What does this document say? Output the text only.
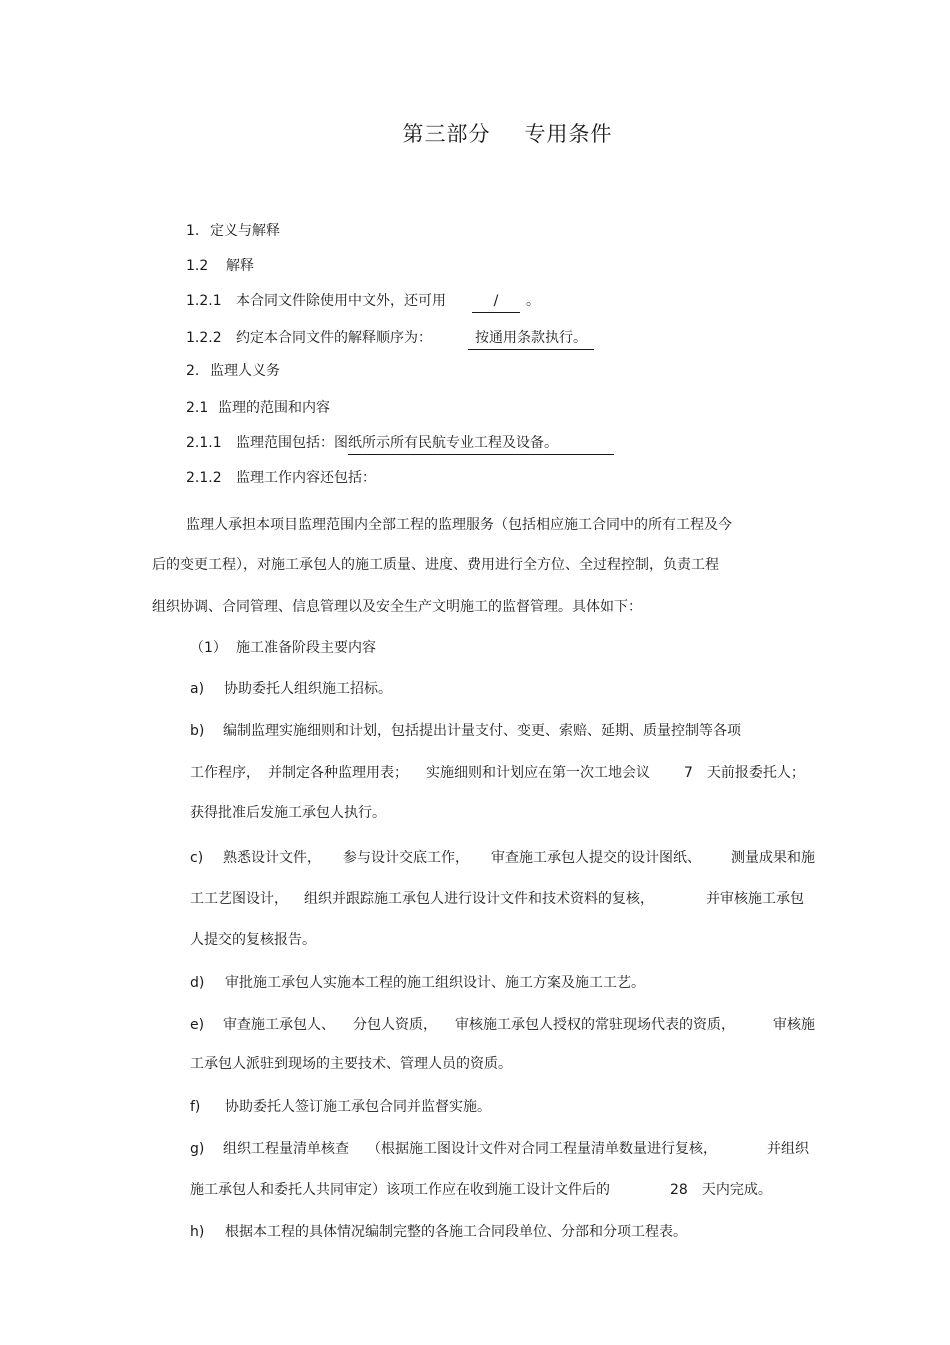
第三部分 专用条件
1. 定义与解释
1.2 解释
1.2.1 本合同文件除使用中文外，还可用	/ 。
1.2.2 约定本合同文件的解释顺序为：	按通用条款执行。
2. 监理人义务
2.1 监理的范围和内容
2.1.1 监理范围包括：图纸所示所有民航专业工程及设备。
2.1.2 监理工作内容还包括：
监理人承担本项目监理范围内全部工程的监理服务（包括相应施工合同中的所有工程及今
后的变更工程），对施工承包人的施工质量、进度、费用进行全方位、全过程控制，负责工程
组织协调、合同管理、信息管理以及安全生产文明施工的监督管理。具体如下：
（1） 施工准备阶段主要内容
a) 协助委托人组织施工招标。
b) 编制监理实施细则和计划，包括提出计量支付、变更、索赔、延期、质量控制等各项
工作程序， 并制定各种监理用表； 实施细则和计划应在第一次工地会议 7 天前报委托人；
获得批准后发施工承包人执行。
c) 熟悉设计文件， 参与设计交底工作， 审查施工承包人提交的设计图纸、 测量成果和施
工工艺图设计， 组织并跟踪施工承包人进行设计文件和技术资料的复核，	并审核施工承包
人提交的复核报告。
d) 审批施工承包人实施本工程的施工组织设计、施工方案及施工工艺。
e) 审查施工承包人、 分包人资质， 审核施工承包人授权的常驻现场代表的资质，	审核施
工承包人派驻到现场的主要技术、管理人员的资质。
f) 协助委托人签订施工承包合同并监督实施。
g) 组织工程量清单核查 （根据施工图设计文件对合同工程量清单数量进行复核，	并组织
施工承包人和委托人共同审定）该项工作应在收到施工设计文件后的	28 天内完成。
h) 根据本工程的具体情况编制完整的各施工合同段单位、分部和分项工程表。
